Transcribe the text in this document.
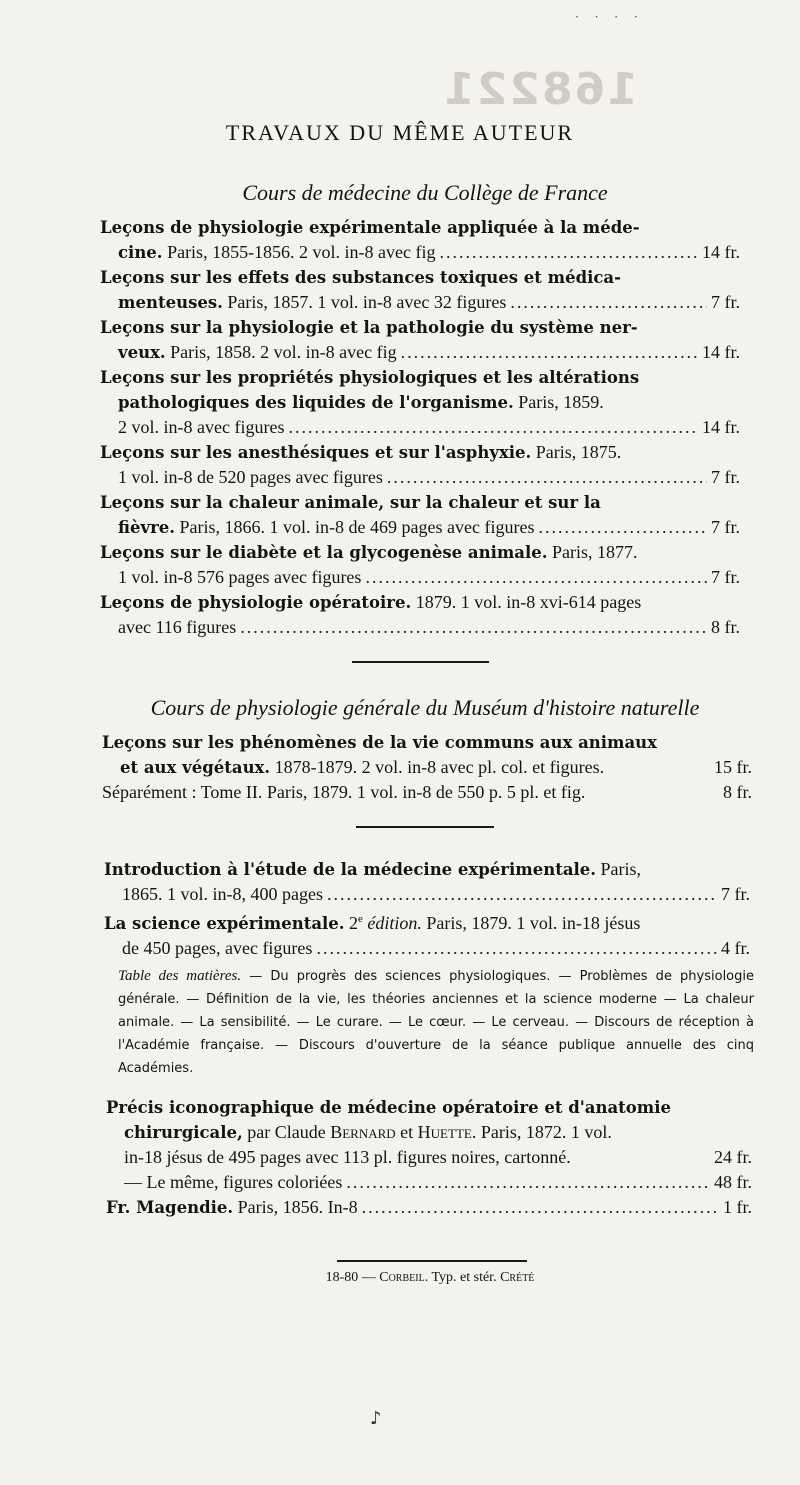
· · · ·
168221
TRAVAUX DU MÊME AUTEUR
Cours de médecine du Collège de France
Leçons de physiologie expérimentale appliquée à la méde-
cine. Paris, 1855-1856. 2 vol. in-8 avec fig .....	14 fr.
Leçons sur les effets des substances toxiques et médica-
menteuses. Paris, 1857. 1 vol. in-8 avec 32 figures .....	7 fr.
Leçons sur la physiologie et la pathologie du système ner-
veux. Paris, 1858. 2 vol. in-8 avec fig .....	14 fr.
Leçons sur les propriétés physiologiques et les altérations
pathologiques des liquides de l'organisme. Paris, 1859.
2 vol. in-8 avec figures .....	14 fr.
Leçons sur les anesthésiques et sur l'asphyxie. Paris, 1875.
1 vol. in-8 de 520 pages avec figures .....	7 fr.
Leçons sur la chaleur animale, sur la chaleur et sur la
fièvre. Paris, 1866. 1 vol. in-8 de 469 pages avec figures .....	7 fr.
Leçons sur le diabète et la glycogenèse animale. Paris, 1877.
1 vol. in-8 576 pages avec figures .....	7 fr.
Leçons de physiologie opératoire. 1879. 1 vol. in-8 xvi-614 pages
avec 116 figures .....	8 fr.
Cours de physiologie générale du Muséum d'histoire naturelle
Leçons sur les phénomènes de la vie communs aux animaux
et aux végétaux. 1878-1879. 2 vol. in-8 avec pl. col. et figures.	15 fr.
Séparément : Tome II. Paris, 1879. 1 vol. in-8 de 550 p. 5 pl. et fig.	8 fr.
Introduction à l'étude de la médecine expérimentale. Paris,
1865. 1 vol. in-8, 400 pages .....	7 fr.
La science expérimentale. 2e édition. Paris, 1879. 1 vol. in-18 jésus
de 450 pages, avec figures .....	4 fr.
Table des matières. — Du progrès des sciences physiologiques. — Problèmes de physiologie générale. — Définition de la vie, les théories anciennes et la science moderne — La chaleur animale. — La sensibilité. — Le curare. — Le cœur. — Le cerveau. — Discours de réception à l'Académie française. — Discours d'ouverture de la séance publique annuelle des cinq Académies.
Précis iconographique de médecine opératoire et d'anatomie
chirurgicale, par Claude Bernard et Huette. Paris, 1872. 1 vol.
in-18 jésus de 495 pages avec 113 pl. figures noires, cartonné.	24 fr.
— Le même, figures coloriées .....	48 fr.
Fr. Magendie. Paris, 1856. In-8 .....	1 fr.
18-80 — Corbeil. Typ. et stér. Crété
♪
